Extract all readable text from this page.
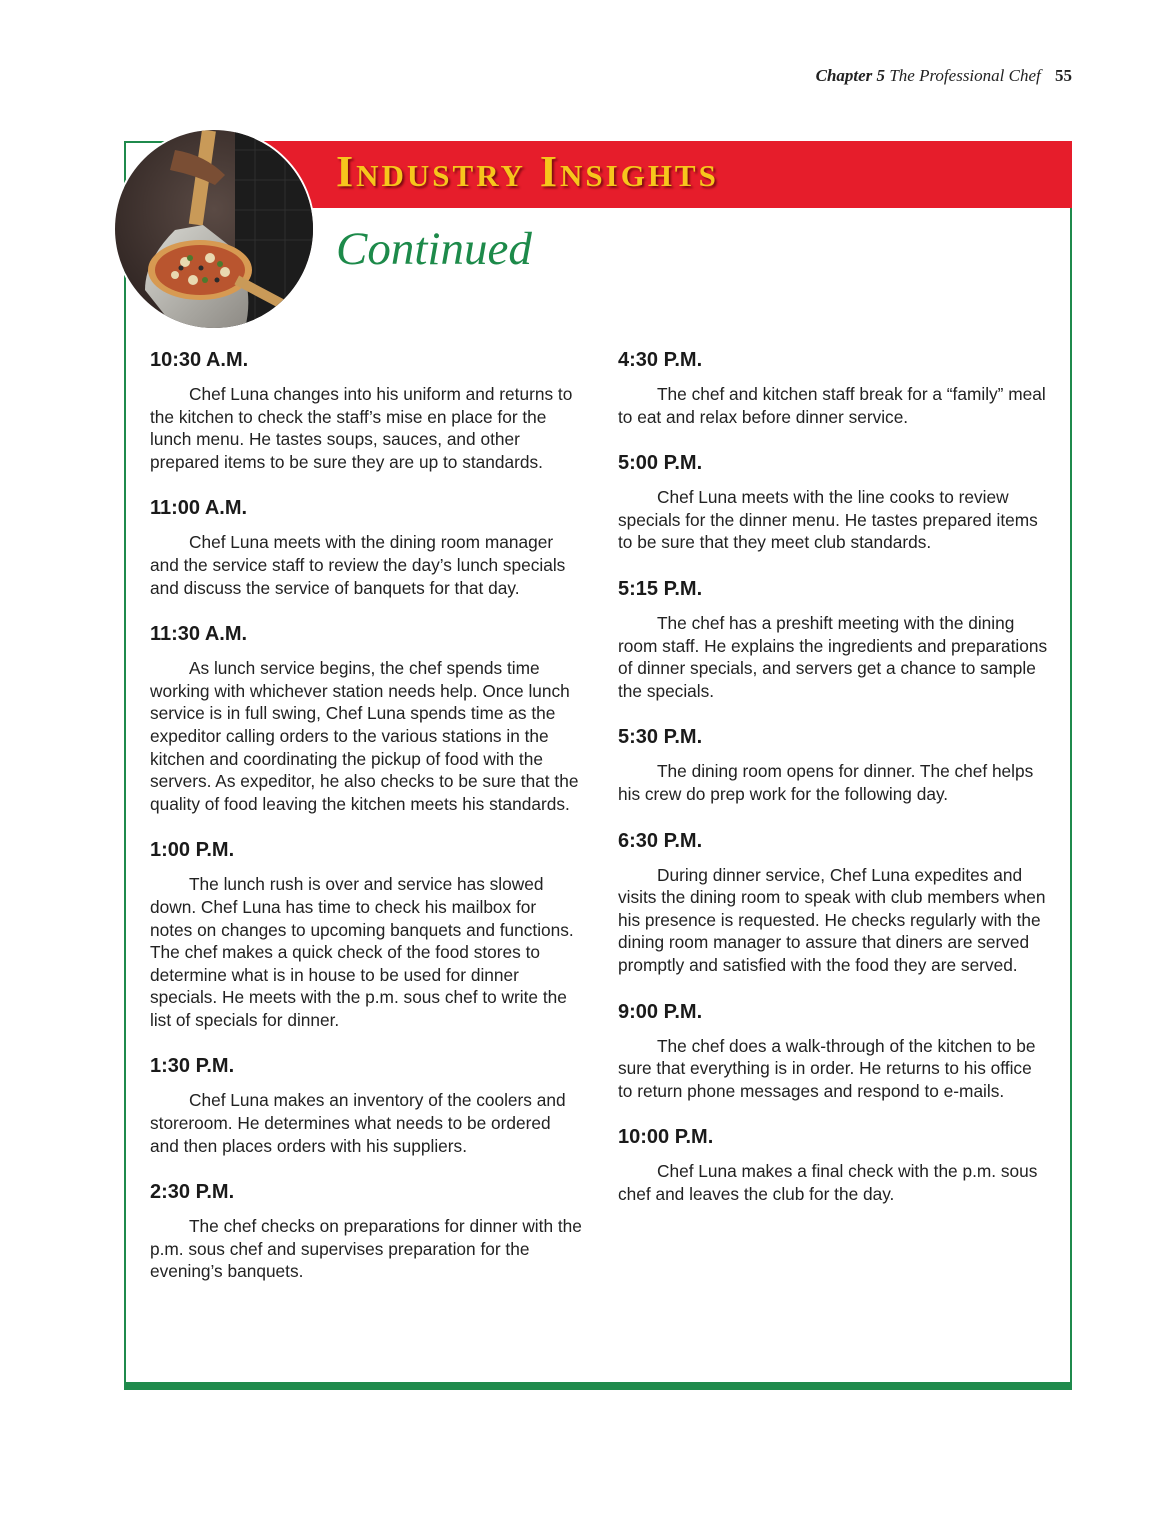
Chapter 5 The Professional Chef 55
Industry Insights
Continued
10:30 A.M.

Chef Luna changes into his uniform and returns to the kitchen to check the staff’s mise en place for the lunch menu. He tastes soups, sauces, and other prepared items to be sure they are up to standards.

11:00 A.M.

Chef Luna meets with the dining room manager and the service staff to review the day’s lunch specials and discuss the service of banquets for that day.

11:30 A.M.

As lunch service begins, the chef spends time working with whichever station needs help. Once lunch service is in full swing, Chef Luna spends time as the expeditor calling orders to the various stations in the kitchen and coordinating the pickup of food with the servers. As expeditor, he also checks to be sure that the quality of food leaving the kitchen meets his standards.

1:00 P.M.

The lunch rush is over and service has slowed down. Chef Luna has time to check his mailbox for notes on changes to upcoming banquets and functions. The chef makes a quick check of the food stores to determine what is in house to be used for dinner specials. He meets with the p.m. sous chef to write the list of specials for dinner.

1:30 P.M.

Chef Luna makes an inventory of the coolers and storeroom. He determines what needs to be ordered and then places orders with his suppliers.

2:30 P.M.

The chef checks on preparations for dinner with the p.m. sous chef and supervises preparation for the evening’s banquets.

4:30 P.M.

The chef and kitchen staff break for a “family” meal to eat and relax before dinner service.

5:00 P.M.

Chef Luna meets with the line cooks to review specials for the dinner menu. He tastes prepared items to be sure that they meet club standards.

5:15 P.M.

The chef has a preshift meeting with the dining room staff. He explains the ingredients and preparations of dinner specials, and servers get a chance to sample the specials.

5:30 P.M.

The dining room opens for dinner. The chef helps his crew do prep work for the following day.

6:30 P.M.

During dinner service, Chef Luna expedites and visits the dining room to speak with club members when his presence is requested. He checks regularly with the dining room manager to assure that diners are served promptly and satisfied with the food they are served.

9:00 P.M.

The chef does a walk-through of the kitchen to be sure that everything is in order. He returns to his office to return phone messages and respond to e-mails.

10:00 P.M.

Chef Luna makes a final check with the p.m. sous chef and leaves the club for the day.
